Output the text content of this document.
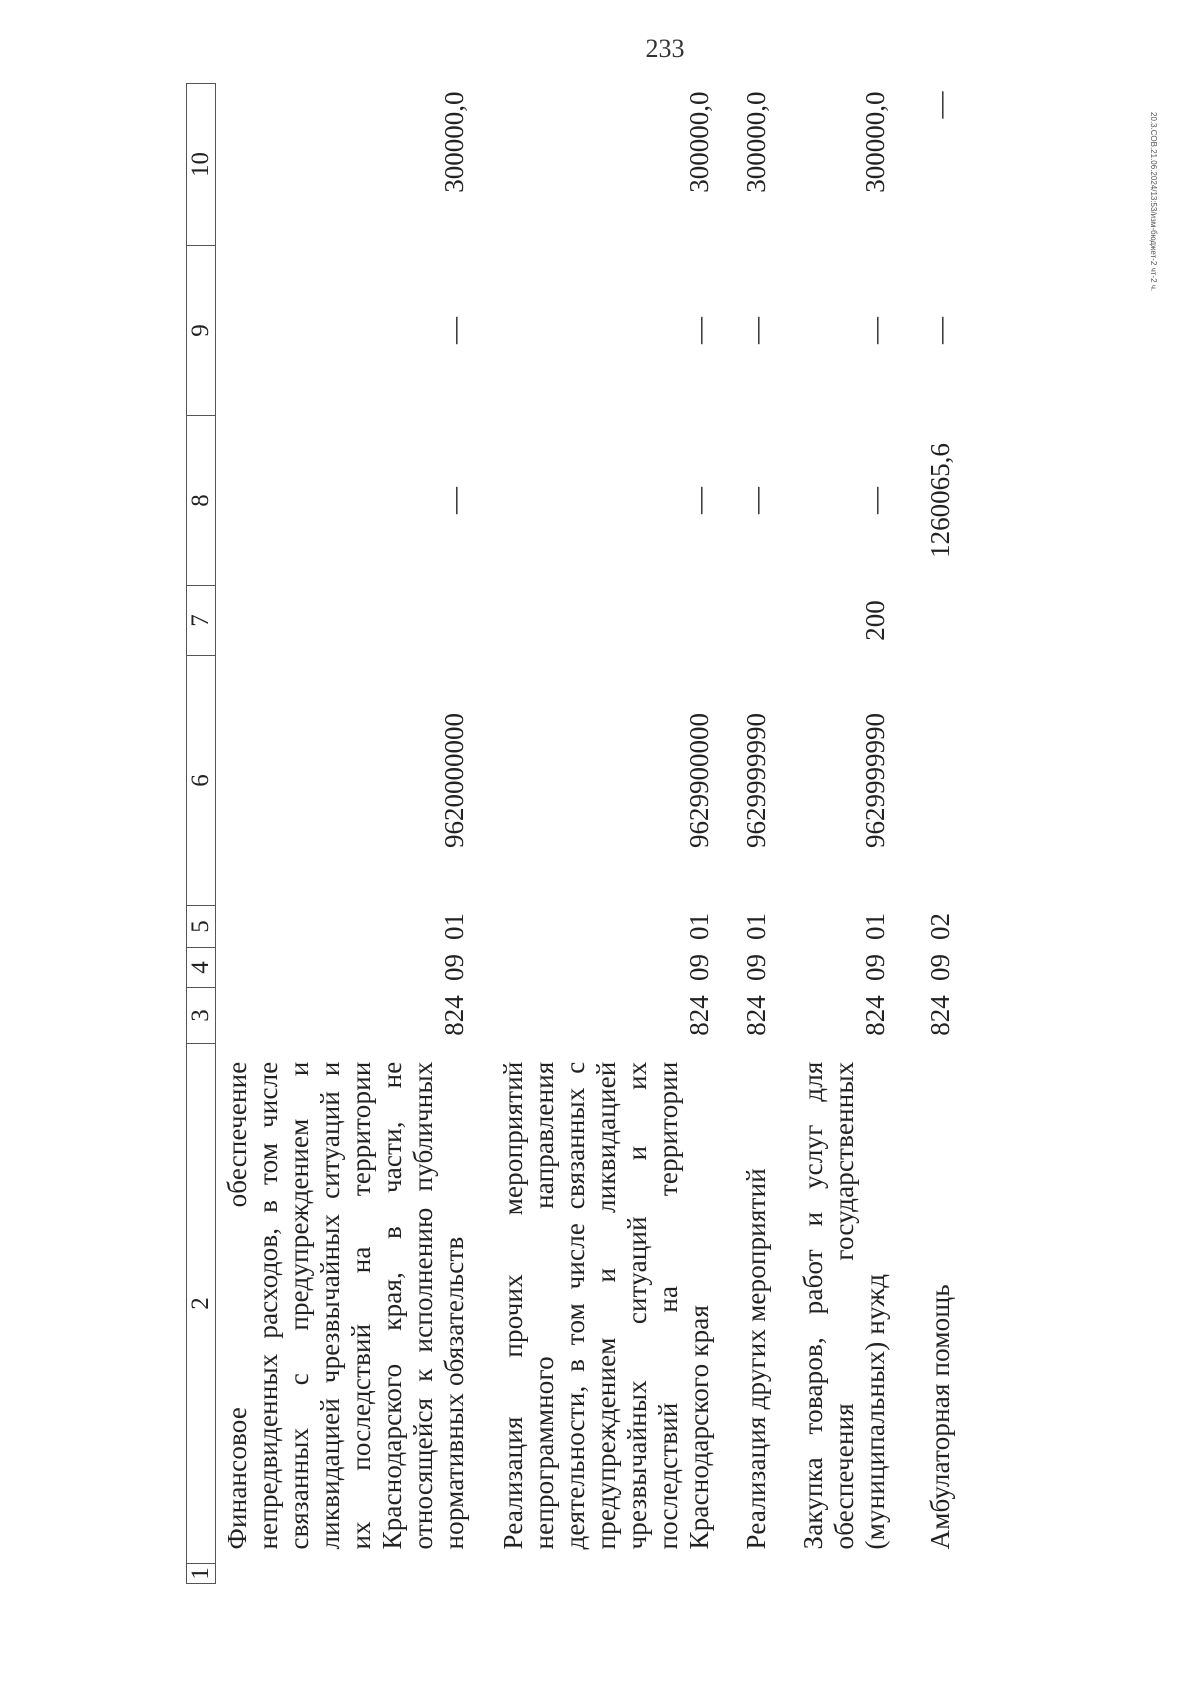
233
20.3.СОВ.21.06.2024/13:53/изм-бюджет-2 чт-2 ч.
1	2	3	4	5	6	7	8	9	10
	Финансовое обеспечение непредвиденных расходов, в том числе связанных с предупреждением и ликвидацией чрезвычайных ситуаций и их последствий на территории Краснодарского края, в части, не относящейся к исполнению публичных нормативных обязательств	824	09	01	9620000000		—	—	300000,0
	Реализация прочих мероприятий непрограммного направления деятельности, в том числе связанных с предупреждением и ликвидацией чрезвычайных ситуаций и их последствий на территории Краснодарского края	824	09	01	9629900000		—	—	300000,0
	Реализация других мероприятий	824	09	01	9629999990		—	—	300000,0
	Закупка товаров, работ и услуг для обеспечения государственных (муниципальных) нужд	824	09	01	9629999990	200	—	—	300000,0
	Амбулаторная помощь	824	09	02			1260065,6	—	—
